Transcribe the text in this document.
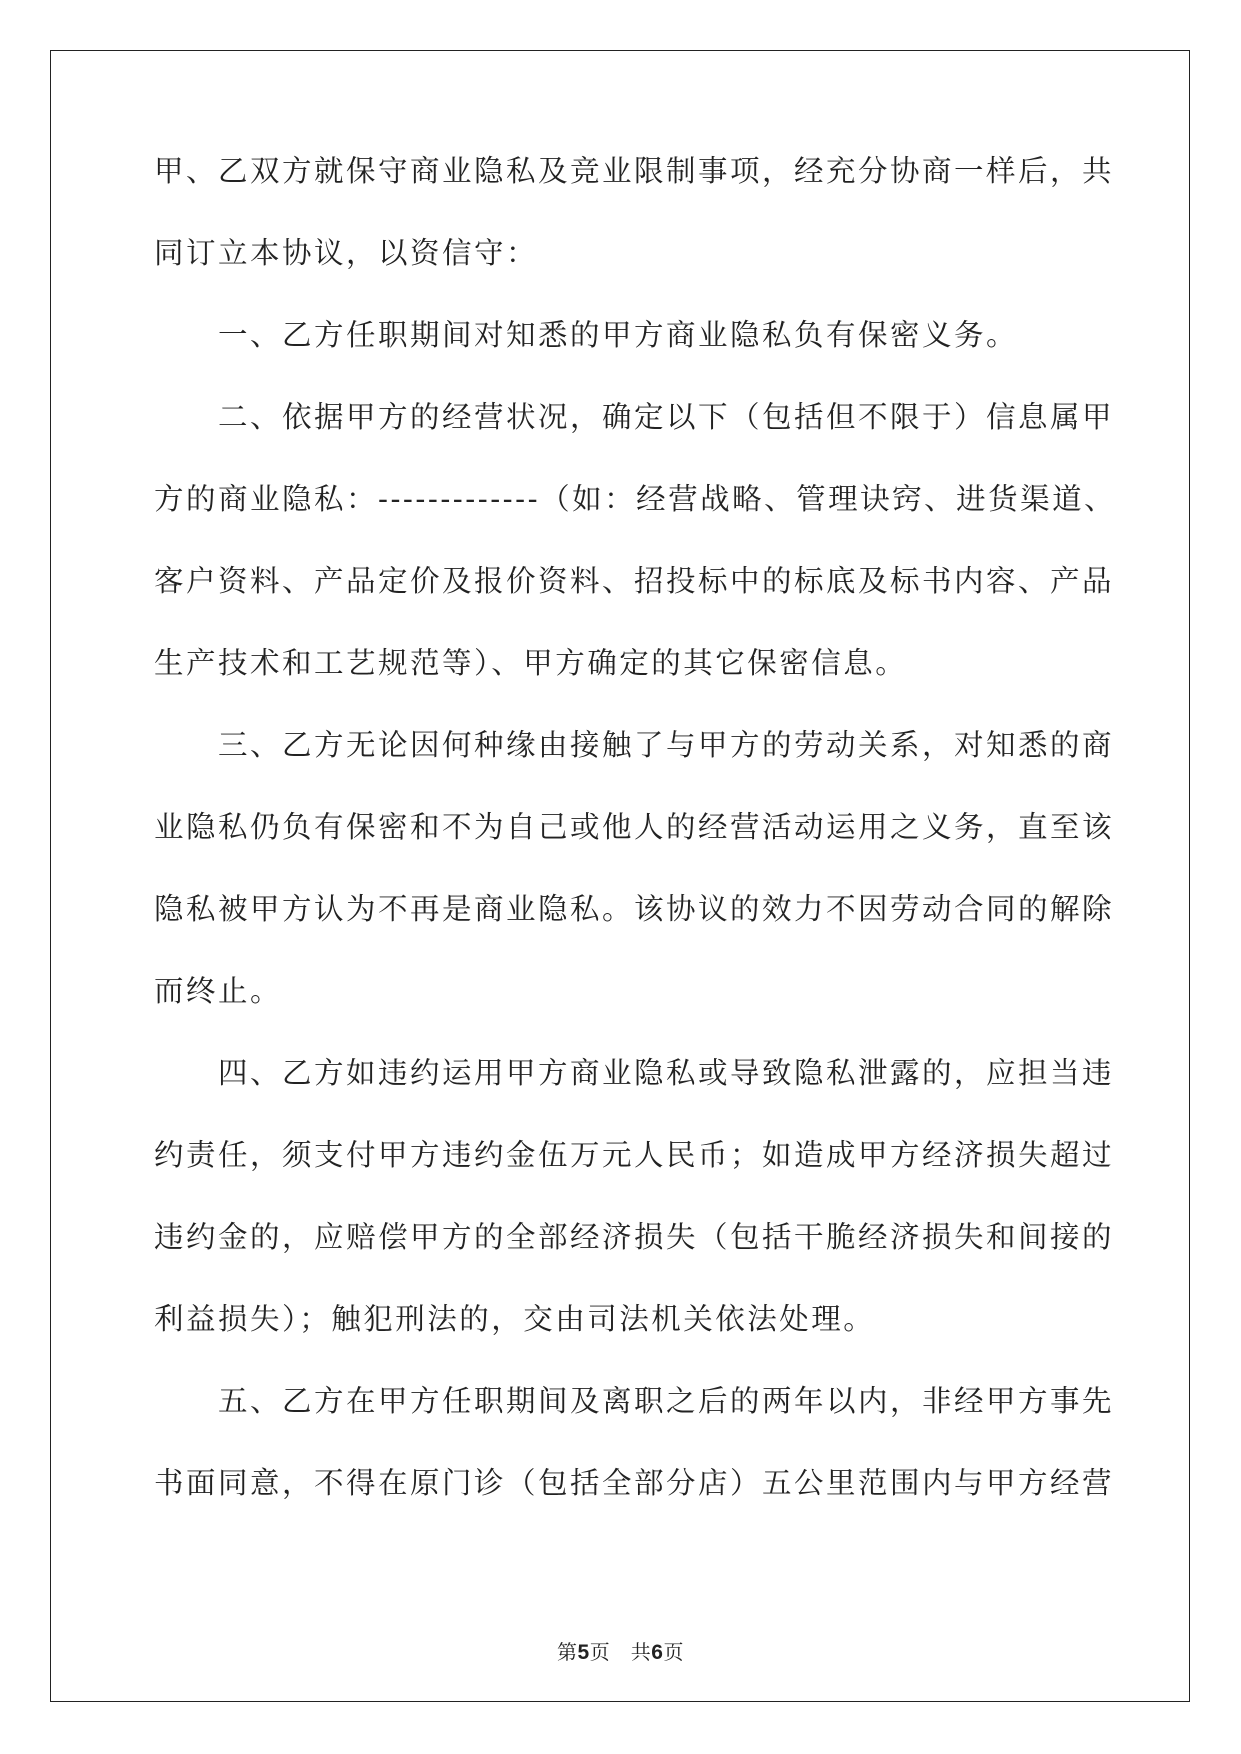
甲、乙双方就保守商业隐私及竞业限制事项，经充分协商一样后，共
同订立本协议，以资信守：
　　一、乙方任职期间对知悉的甲方商业隐私负有保密义务。
　　二、依据甲方的经营状况，确定以下（包括但不限于）信息属甲
方的商业隐私：-------------（如：经营战略、管理诀窍、进货渠道、
客户资料、产品定价及报价资料、招投标中的标底及标书内容、产品
生产技术和工艺规范等）、甲方确定的其它保密信息。
　　三、乙方无论因何种缘由接触了与甲方的劳动关系，对知悉的商
业隐私仍负有保密和不为自己或他人的经营活动运用之义务，直至该
隐私被甲方认为不再是商业隐私。该协议的效力不因劳动合同的解除
而终止。
　　四、乙方如违约运用甲方商业隐私或导致隐私泄露的，应担当违
约责任，须支付甲方违约金伍万元人民币；如造成甲方经济损失超过
违约金的，应赔偿甲方的全部经济损失（包括干脆经济损失和间接的
利益损失）；触犯刑法的，交由司法机关依法处理。
　　五、乙方在甲方任职期间及离职之后的两年以内，非经甲方事先
书面同意，不得在原门诊（包括全部分店）五公里范围内与甲方经营
第5页 共6页
